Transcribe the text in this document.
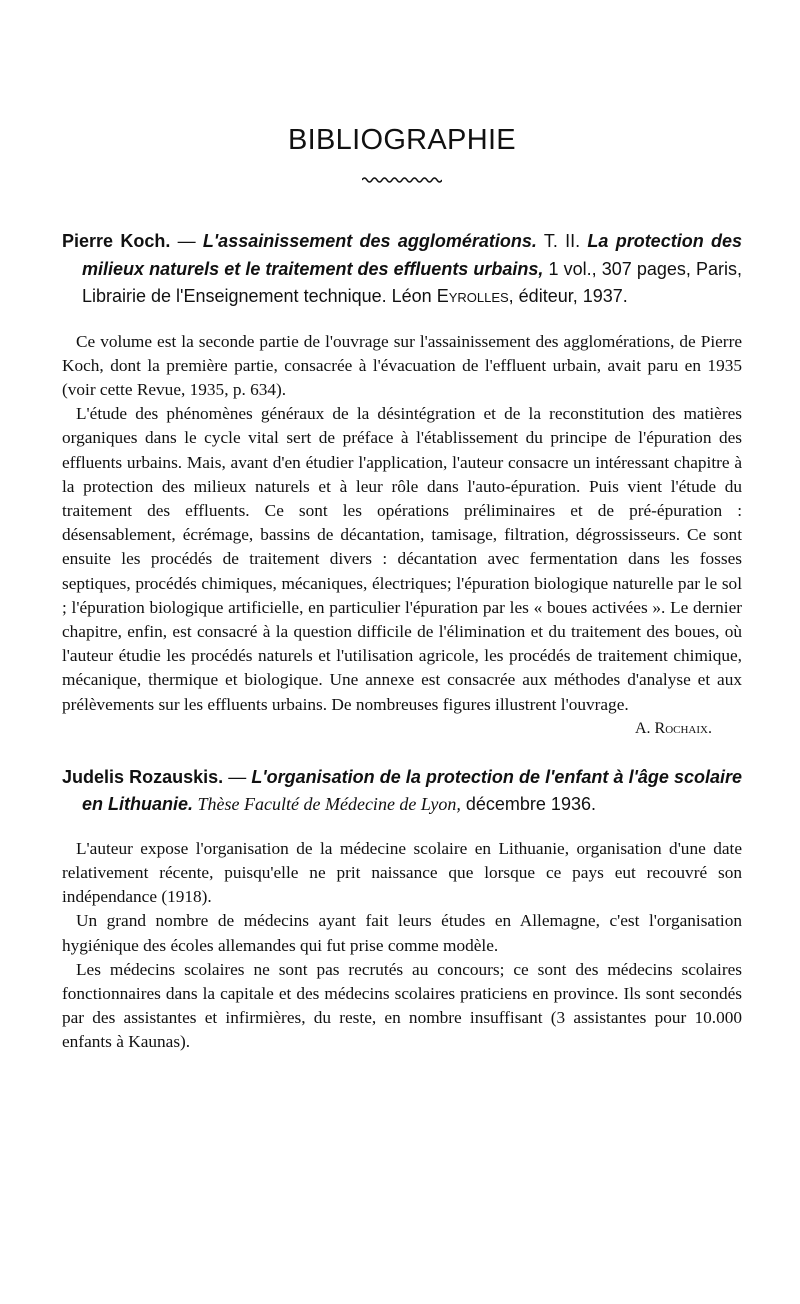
BIBLIOGRAPHIE

Pierre Koch. — L'assainissement des agglomérations. T. II. La protection des milieux naturels et le traitement des effluents urbains, 1 vol., 307 pages, Paris, Librairie de l'Enseignement technique. Léon Eyrolles, éditeur, 1937.

Ce volume est la seconde partie de l'ouvrage sur l'assainissement des agglomérations, de Pierre Koch, dont la première partie, consacrée à l'évacuation de l'effluent urbain, avait paru en 1935 (voir cette Revue, 1935, p. 634).

L'étude des phénomènes généraux de la désintégration et de la reconstitution des matières organiques dans le cycle vital sert de préface à l'établissement du principe de l'épuration des effluents urbains. Mais, avant d'en étudier l'application, l'auteur consacre un intéressant chapitre à la protection des milieux naturels et à leur rôle dans l'auto-épuration. Puis vient l'étude du traitement des effluents. Ce sont les opérations préliminaires et de pré-épuration : désensablement, écrémage, bassins de décantation, tamisage, filtration, dégrossisseurs. Ce sont ensuite les procédés de traitement divers : décantation avec fermentation dans les fosses septiques, procédés chimiques, mécaniques, électriques; l'épuration biologique naturelle par le sol ; l'épuration biologique artificielle, en particulier l'épuration par les « boues activées ». Le dernier chapitre, enfin, est consacré à la question difficile de l'élimination et du traitement des boues, où l'auteur étudie les procédés naturels et l'utilisation agricole, les procédés de traitement chimique, mécanique, thermique et biologique. Une annexe est consacrée aux méthodes d'analyse et aux prélèvements sur les effluents urbains. De nombreuses figures illustrent l'ouvrage.

A. Rochaix.

Judelis Rozauskis. — L'organisation de la protection de l'enfant à l'âge scolaire en Lithuanie. Thèse Faculté de Médecine de Lyon, décembre 1936.

L'auteur expose l'organisation de la médecine scolaire en Lithuanie, organisation d'une date relativement récente, puisqu'elle ne prit naissance que lorsque ce pays eut recouvré son indépendance (1918).

Un grand nombre de médecins ayant fait leurs études en Allemagne, c'est l'organisation hygiénique des écoles allemandes qui fut prise comme modèle.

Les médecins scolaires ne sont pas recrutés au concours; ce sont des médecins scolaires fonctionnaires dans la capitale et des médecins scolaires praticiens en province. Ils sont secondés par des assistantes et infirmières, du reste, en nombre insuffisant (3 assistantes pour 10.000 enfants à Kaunas).
